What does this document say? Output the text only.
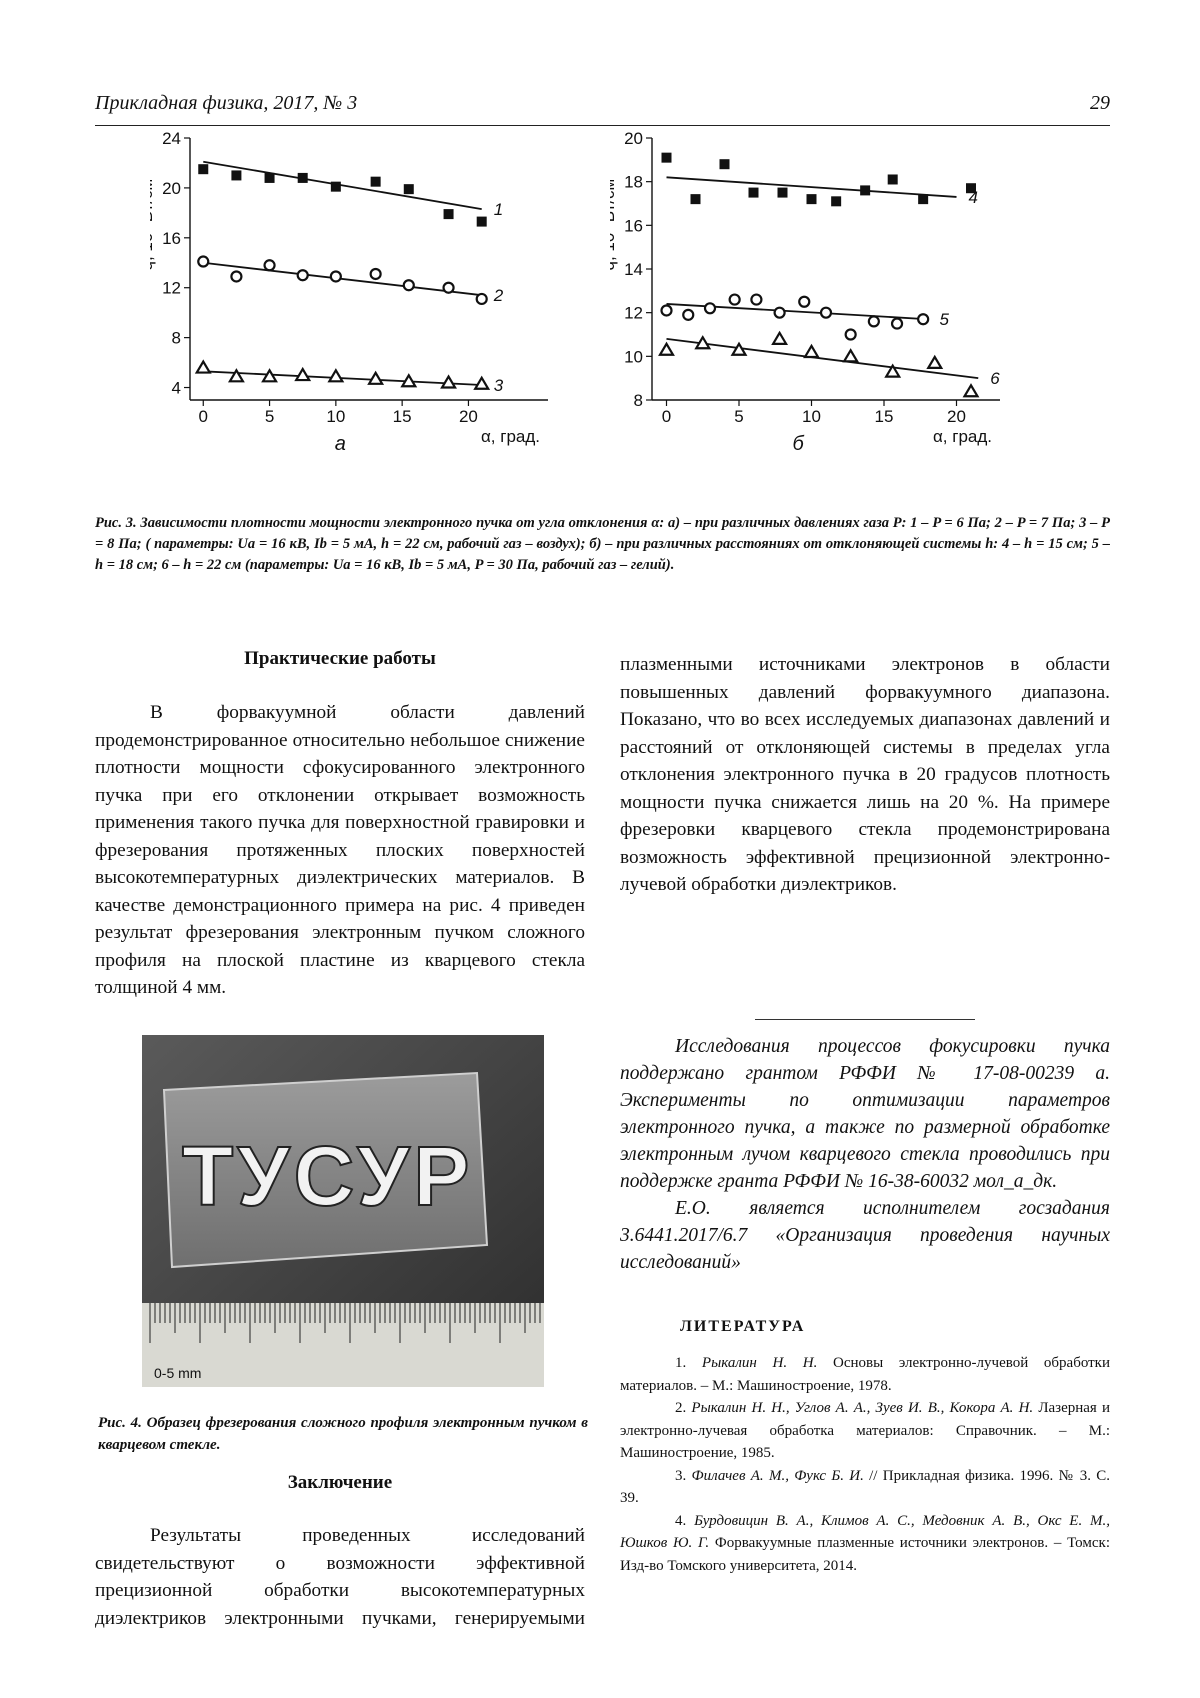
Прикладная физика, 2017, № 3	29
4
8
12
16
20
24
0	5	10	15	20
α, град.
а
q, 10³ Вт/см²	1
2
3
8
10
12
14
16
18
20
0	5	10	15	20
α, град.
б
q, 10³ Вт/см²	4
5
6
Рис. 3. Зависимости плотности мощности электронного пучка от угла отклонения α: а) – при различных давлениях газа P: 1 – P = 6 Па; 2 – P = 7 Па; 3 – P = 8 Па; ( параметры: Ua = 16 кВ, Ib = 5 мА, h = 22 см, рабочий газ – воздух); б) – при различных расстояниях от отклоняющей системы h: 4 – h = 15 см; 5 – h = 18 см; 6 – h = 22 см (параметры: Ua = 16 кВ, Ib = 5 мА, P = 30 Па, рабочий газ – гелий).
Практические работы

В форвакуумной области давлений продемонстрированное относительно небольшое снижение плотности мощности сфокусированного электронного пучка при его отклонении открывает возможность применения такого пучка для поверхностной гравировки и фрезерования протяженных плоских поверхностей высокотемпературных диэлектрических материалов. В качестве демонстрационного примера на рис. 4 приведен результат фрезерования электронным пучком сложного профиля на плоской пластине из кварцевого стекла толщиной 4 мм.

ТУСУР
0-5 mm
Рис. 4. Образец фрезерования сложного профиля электронным пучком в кварцевом стекле.
Заключение

Результаты проведенных исследований свидетельствуют о возможности эффективной прецизионной обработки высокотемпературных диэлектриков электронными пучками, генерируемыми

плазменными источниками электронов в области повышенных давлений форвакуумного диапазона. Показано, что во всех исследуемых диапазонах давлений и расстояний от отклоняющей системы в пределах угла отклонения электронного пучка в 20 градусов плотность мощности пучка снижается лишь на 20 %. На примере фрезеровки кварцевого стекла продемонстрирована возможность эффективной прецизионной электронно-лучевой обработки диэлектриков.

Исследования процессов фокусировки пучка поддержано грантом РФФИ № 17-08-00239 а. Эксперименты по оптимизации параметров электронного пучка, а также по размерной обработке электронным лучом кварцевого стекла проводились при поддержке гранта РФФИ № 16-38-60032 мол_а_дк.

Е.О. является исполнителем госзадания 3.6441.2017/6.7 «Организация проведения научных исследований»

ЛИТЕРАТУРА

1. Рыкалин Н. Н. Основы электронно-лучевой обработки материалов. – М.: Машиностроение, 1978.

2. Рыкалин Н. Н., Углов А. А., Зуев И. В., Кокора А. Н. Лазерная и электронно-лучевая обработка материалов: Справочник. – М.: Машиностроение, 1985.

3. Филачев А. М., Фукс Б. И. // Прикладная физика. 1996. № 3. С. 39.

4. Бурдовицин В. А., Климов А. С., Медовник А. В., Окс Е. М., Юшков Ю. Г. Форвакуумные плазменные источники электронов. – Томск: Изд-во Томского университета, 2014.
